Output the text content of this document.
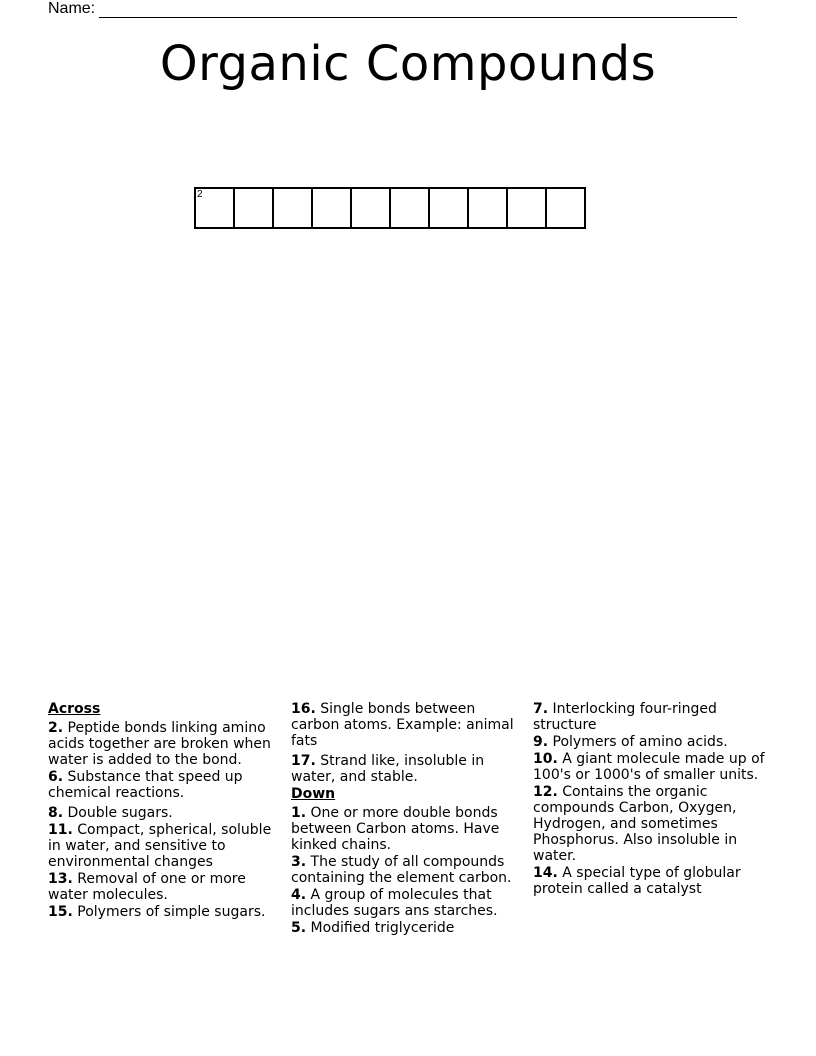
Name:
Organic Compounds
2
Across
2. Peptide bonds linking amino acids together are broken when water is added to the bond.
6. Substance that speed up chemical reactions.
8. Double sugars.
11. Compact, spherical, soluble in water, and sensitive to environmental changes
13. Removal of one or more water molecules.
15. Polymers of simple sugars.
16. Single bonds between carbon atoms. Example: animal fats
17. Strand like, insoluble in water, and stable.
Down
1. One or more double bonds between Carbon atoms. Have kinked chains.
3. The study of all compounds containing the element carbon.
4. A group of molecules that includes sugars ans starches.
5. Modified triglyceride
7. Interlocking four-ringed structure
9. Polymers of amino acids.
10. A giant molecule made up of 100's or 1000's of smaller units.
12. Contains the organic compounds Carbon, Oxygen, Hydrogen, and sometimes Phosphorus. Also insoluble in water.
14. A special type of globular protein called a catalyst
